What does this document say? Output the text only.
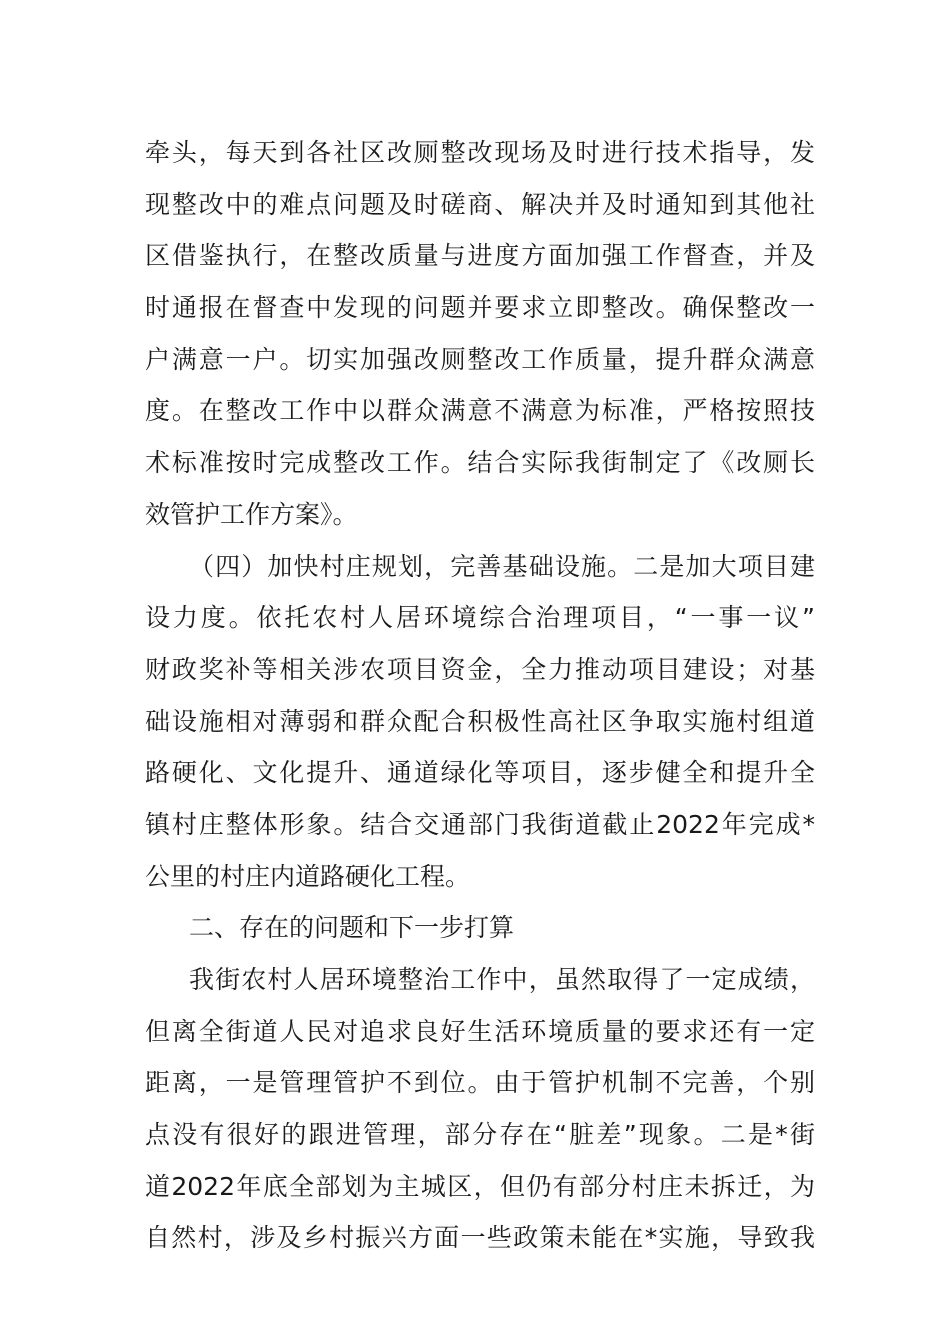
牵头，每天到各社区改厕整改现场及时进行技术指导，发
现整改中的难点问题及时磋商、解决并及时通知到其他社
区借鉴执行，在整改质量与进度方面加强工作督查，并及
时通报在督查中发现的问题并要求立即整改。确保整改一
户满意一户。切实加强改厕整改工作质量，提升群众满意
度。在整改工作中以群众满意不满意为标准，严格按照技
术标准按时完成整改工作。结合实际我街制定了《改厕长
效管护工作方案》。
（四）加快村庄规划，完善基础设施。二是加大项目建
设力度。依托农村人居环境综合治理项目，“一事一议”
财政奖补等相关涉农项目资金，全力推动项目建设；对基
础设施相对薄弱和群众配合积极性高社区争取实施村组道
路硬化、文化提升、通道绿化等项目，逐步健全和提升全
镇村庄整体形象。结合交通部门我街道截止2022年完成*
公里的村庄内道路硬化工程。
二、存在的问题和下一步打算
我街农村人居环境整治工作中，虽然取得了一定成绩，
但离全街道人民对追求良好生活环境质量的要求还有一定
距离，一是管理管护不到位。由于管护机制不完善，个别
点没有很好的跟进管理，部分存在“脏差”现象。二是*街
道2022年底全部划为主城区，但仍有部分村庄未拆迁，为
自然村，涉及乡村振兴方面一些政策未能在*实施，导致我
